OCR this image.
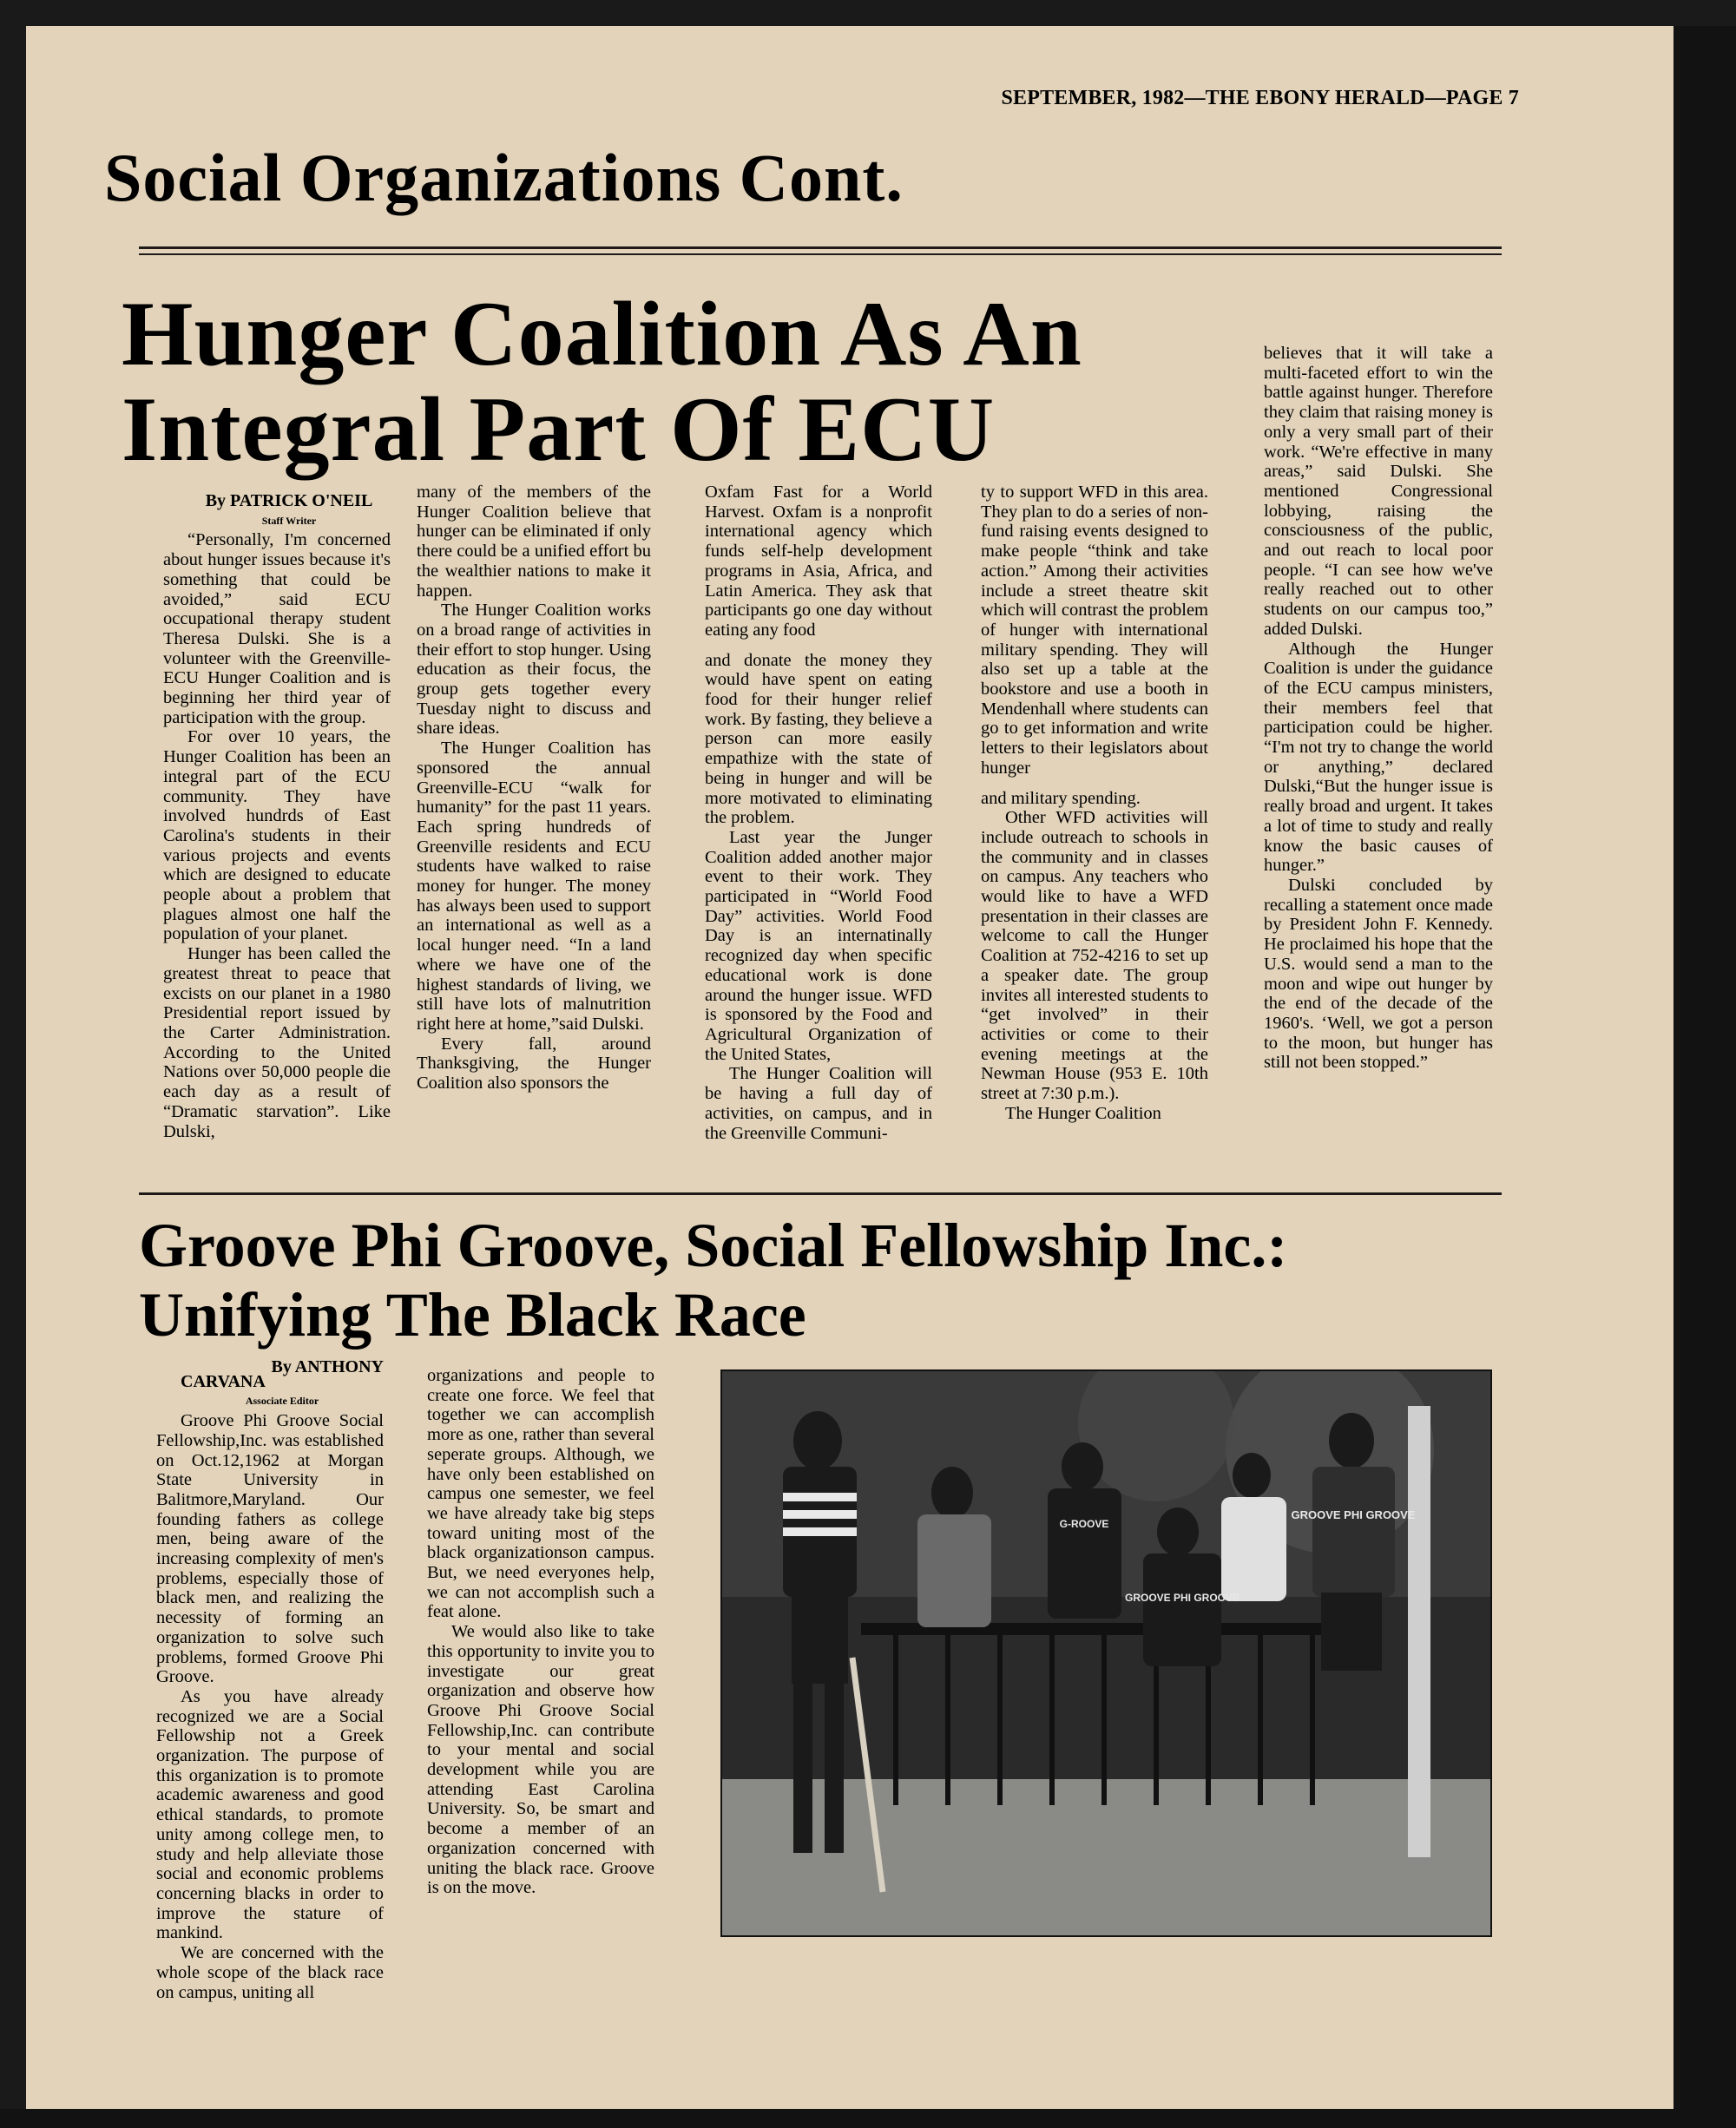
SEPTEMBER, 1982—THE EBONY HERALD—PAGE 7
Social Organizations Cont.
Hunger Coalition As An Integral Part Of ECU

By PATRICK O'NEIL

Staff Writer

“Personally, I'm concerned about hunger issues because it's something that could be avoided,” said ECU occupational therapy student Theresa Dulski. She is a volunteer with the Greenville-ECU Hunger Coalition and is beginning her third year of participation with the group.

For over 10 years, the Hunger Coalition has been an integral part of the ECU community. They have involved hundrds of East Carolina's students in their various projects and events which are designed to educate people about a problem that plagues almost one half the population of your planet.

Hunger has been called the greatest threat to peace that excists on our planet in a 1980 Presidential report issued by the Carter Administration. According to the United Nations over 50,000 people die each day as a result of “Dramatic starvation”. Like Dulski,

many of the members of the Hunger Coalition believe that hunger can be eliminated if only there could be a unified effort bu the wealthier nations to make it happen.

The Hunger Coalition works on a broad range of activities in their effort to stop hunger. Using education as their focus, the group gets together every Tuesday night to discuss and share ideas.

The Hunger Coalition has sponsored the annual Greenville-ECU “walk for humanity” for the past 11 years. Each spring hundreds of Greenville residents and ECU students have walked to raise money for hunger. The money has always been used to support an international as well as a local hunger need. “In a land where we have one of the highest standards of living, we still have lots of malnutrition right here at home,”said Dulski.

Every fall, around Thanksgiving, the Hunger Coalition also sponsors the

Oxfam Fast for a World Harvest. Oxfam is a nonprofit international agency which funds self-help development programs in Asia, Africa, and Latin America. They ask that participants go one day without eating any food

and donate the money they would have spent on eating food for their hunger relief work. By fasting, they believe a person can more easily empathize with the state of being in hunger and will be more motivated to eliminating the problem.

Last year the Junger Coalition added another major event to their work. They participated in “World Food Day” activities. World Food Day is an internatinally recognized day when specific educational work is done around the hunger issue. WFD is sponsored by the Food and Agricultural Organization of the United States,

The Hunger Coalition will be having a full day of activities, on campus, and in the Greenville Communi-

ty to support WFD in this area. They plan to do a series of non-fund raising events designed to make people “think and take action.” Among their activities include a street theatre skit which will contrast the problem of hunger with international military spending. They will also set up a table at the bookstore and use a booth in Mendenhall where students can go to get information and write letters to their legislators about hunger

and military spending.

Other WFD activities will include outreach to schools in the community and in classes on campus. Any teachers who would like to have a WFD presentation in their classes are welcome to call the Hunger Coalition at 752-4216 to set up a speaker date. The group invites all interested students to “get involved” in their activities or come to their evening meetings at the Newman House (953 E. 10th street at 7:30 p.m.).

The Hunger Coalition

believes that it will take a multi-faceted effort to win the battle against hunger. Therefore they claim that raising money is only a very small part of their work. “We're effective in many areas,” said Dulski. She mentioned Congressional lobbying, raising the consciousness of the public, and out reach to local poor people. “I can see how we've really reached out to other students on our campus too,” added Dulski.

Although the Hunger Coalition is under the guidance of the ECU campus ministers, their members feel that participation could be higher. “I'm not try to change the world or anything,” declared Dulski,“But the hunger issue is really broad and urgent. It takes a lot of time to study and really know the basic causes of hunger.”

Dulski concluded by recalling a statement once made by President John F. Kennedy. He proclaimed his hope that the U.S. would send a man to the moon and wipe out hunger by the end of the decade of the 1960's. ‘Well, we got a person to the moon, but hunger has still not been stopped.”

Groove Phi Groove, Social Fellowship Inc.:
Unifying The Black Race

By ANTHONY

CARVANA

Associate Editor

Groove Phi Groove Social Fellowship,Inc. was established on Oct.12,1962 at Morgan State University in Balitmore,Maryland. Our founding fathers as college men, being aware of the increasing complexity of men's problems, especially those of black men, and realizing the necessity of forming an organization to solve such problems, formed Groove Phi Groove.

As you have already recognized we are a Social Fellowship not a Greek organization. The purpose of this organization is to promote academic awareness and good ethical standards, to promote unity among college men, to study and help alleviate those social and economic problems concerning blacks in order to improve the stature of mankind.

We are concerned with the whole scope of the black race on campus, uniting all

organizations and people to create one force. We feel that together we can accomplish more as one, rather than several seperate groups. Although, we have only been established on campus one semester, we feel we have already take big steps toward uniting most of the black organizationson campus. But, we need everyones help, we can not accomplish such a feat alone.

We would also like to take this opportunity to invite you to investigate our great organization and observe how Groove Phi Groove Social Fellowship,Inc. can contribute to your mental and social development while you are attending East Carolina University. So, be smart and become a member of an organization concerned with uniting the black race. Groove is on the move.

GROOVE PHI GROOVE
GROOVE PHI GROOVE
G-ROOVE
